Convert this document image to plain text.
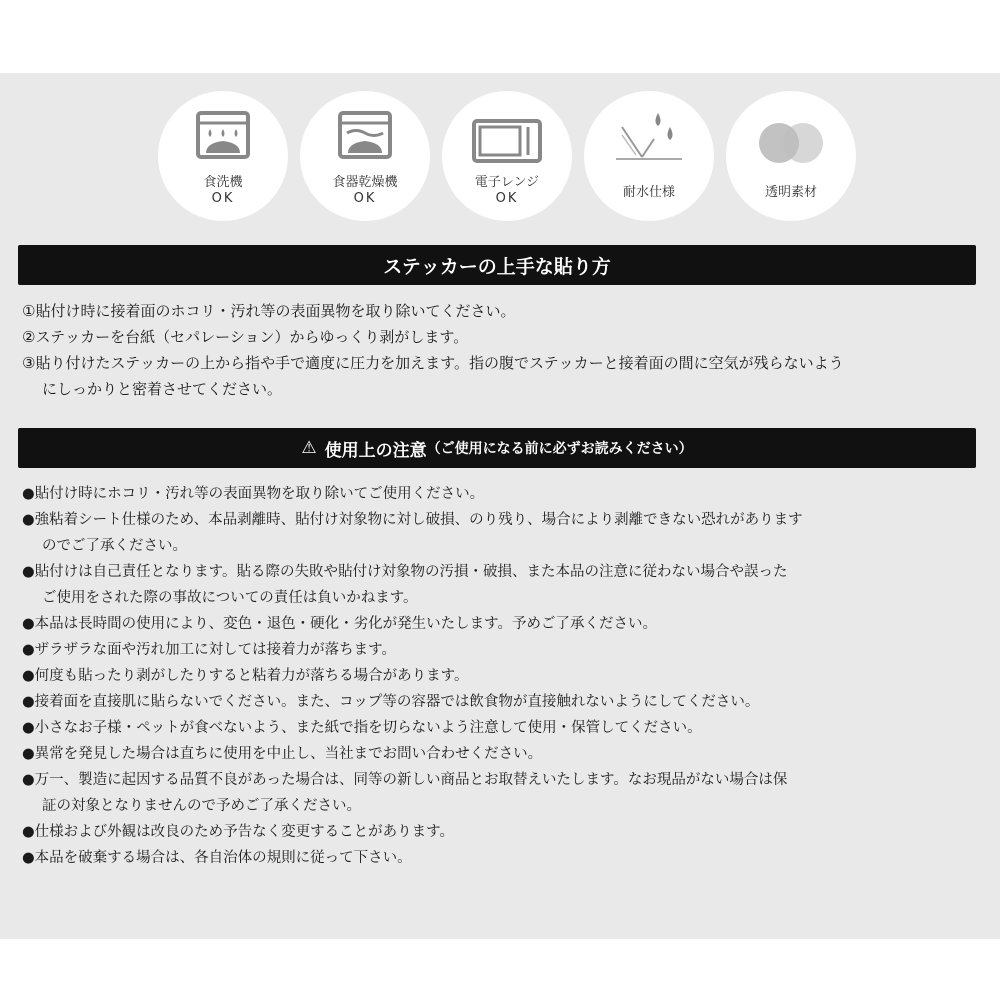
食洗機
OK
食器乾燥機
OK
電子レンジ
OK	耐水仕様	透明素材
ステッカーの上手な貼り方

①貼付け時に接着面のホコリ・汚れ等の表面異物を取り除いてください。

②ステッカーを台紙（セパレーション）からゆっくり剥がします。

③貼り付けたステッカーの上から指や手で適度に圧力を加えます。指の腹でステッカーと接着面の間に空気が残らないよう

にしっかりと密着させてください。

⚠ 使用上の注意 （ご使用になる前に必ずお読みください）

●貼付け時にホコリ・汚れ等の表面異物を取り除いてご使用ください。

●強粘着シート仕様のため、本品剥離時、貼付け対象物に対し破損、のり残り、場合により剥離できない恐れがあります

のでご了承ください。

●貼付けは自己責任となります。貼る際の失敗や貼付け対象物の汚損・破損、また本品の注意に従わない場合や誤った

ご使用をされた際の事故についての責任は負いかねます。

●本品は長時間の使用により、変色・退色・硬化・劣化が発生いたします。予めご了承ください。

●ザラザラな面や汚れ加工に対しては接着力が落ちます。

●何度も貼ったり剥がしたりすると粘着力が落ちる場合があります。

●接着面を直接肌に貼らないでください。また、コップ等の容器では飲食物が直接触れないようにしてください。

●小さなお子様・ペットが食べないよう、また紙で指を切らないよう注意して使用・保管してください。

●異常を発見した場合は直ちに使用を中止し、当社までお問い合わせください。

●万一、製造に起因する品質不良があった場合は、同等の新しい商品とお取替えいたします。なお現品がない場合は保

証の対象となりませんので予めご了承ください。

●仕様および外観は改良のため予告なく変更することがあります。

●本品を破棄する場合は、各自治体の規則に従って下さい。
